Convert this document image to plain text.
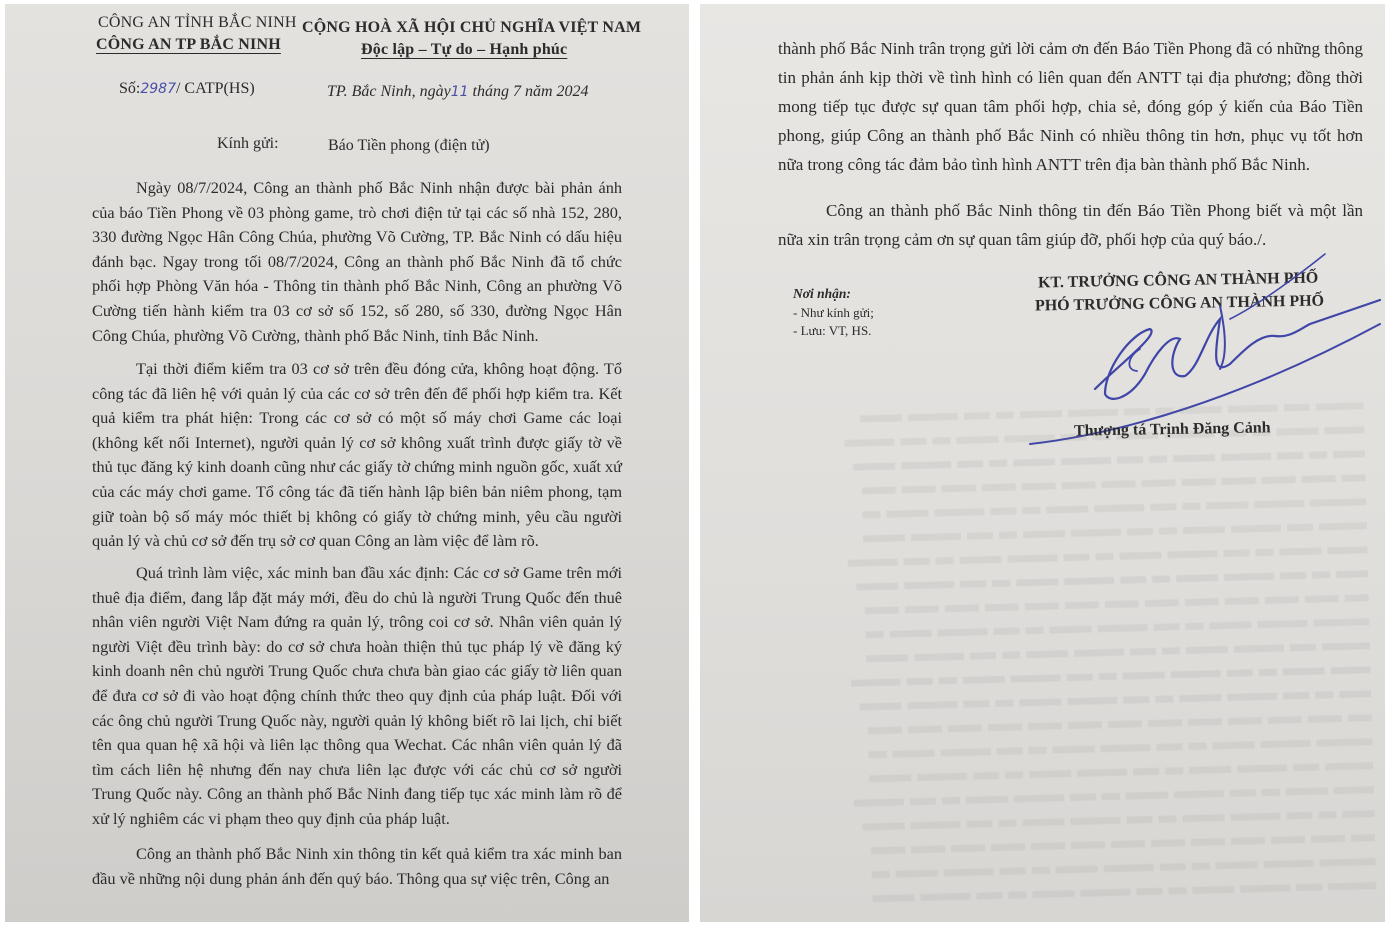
CÔNG AN TỈNH BẮC NINH
CÔNG AN TP BẮC NINH
CỘNG HOÀ XÃ HỘI CHỦ NGHĨA VIỆT NAM
Độc lập – Tự do – Hạnh phúc
Số:2987/ CATP(HS)	TP. Bắc Ninh, ngày11 tháng 7 năm 2024
Kính gửi:	Báo Tiền phong (điện tử)

Ngày 08/7/2024, Công an thành phố Bắc Ninh nhận được bài phản ánh của báo Tiền Phong về 03 phòng game, trò chơi điện tử tại các số nhà 152, 280, 330 đường Ngọc Hân Công Chúa, phường Võ Cường, TP. Bắc Ninh có dấu hiệu đánh bạc. Ngay trong tối 08/7/2024, Công an thành phố Bắc Ninh đã tổ chức phối hợp Phòng Văn hóa - Thông tin thành phố Bắc Ninh, Công an phường Võ Cường tiến hành kiểm tra 03 cơ sở số 152, số 280, số 330, đường Ngọc Hân Công Chúa, phường Võ Cường, thành phố Bắc Ninh, tỉnh Bắc Ninh.

Tại thời điểm kiểm tra 03 cơ sở trên đều đóng cửa, không hoạt động. Tổ công tác đã liên hệ với quản lý của các cơ sở trên đến để phối hợp kiểm tra. Kết quả kiểm tra phát hiện: Trong các cơ sở có một số máy chơi Game các loại (không kết nối Internet), người quản lý cơ sở không xuất trình được giấy tờ về thủ tục đăng ký kinh doanh cũng như các giấy tờ chứng minh nguồn gốc, xuất xứ của các máy chơi game. Tổ công tác đã tiến hành lập biên bản niêm phong, tạm giữ toàn bộ số máy móc thiết bị không có giấy tờ chứng minh, yêu cầu người quản lý và chủ cơ sở đến trụ sở cơ quan Công an làm việc để làm rõ.

Quá trình làm việc, xác minh ban đầu xác định: Các cơ sở Game trên mới thuê địa điểm, đang lắp đặt máy mới, đều do chủ là người Trung Quốc đến thuê nhân viên người Việt Nam đứng ra quản lý, trông coi cơ sở. Nhân viên quản lý người Việt đều trình bày: do cơ sở chưa hoàn thiện thủ tục pháp lý về đăng ký kinh doanh nên chủ người Trung Quốc chưa chưa bàn giao các giấy tờ liên quan để đưa cơ sở đi vào hoạt động chính thức theo quy định của pháp luật. Đối với các ông chủ người Trung Quốc này, người quản lý không biết rõ lai lịch, chỉ biết tên qua quan hệ xã hội và liên lạc thông qua Wechat. Các nhân viên quản lý đã tìm cách liên hệ nhưng đến nay chưa liên lạc được với các chủ cơ sở người Trung Quốc này. Công an thành phố Bắc Ninh đang tiếp tục xác minh làm rõ để xử lý nghiêm các vi phạm theo quy định của pháp luật.

Công an thành phố Bắc Ninh xin thông tin kết quả kiểm tra xác minh ban đầu về những nội dung phản ánh đến quý báo. Thông qua sự việc trên, Công an

thành phố Bắc Ninh trân trọng gửi lời cảm ơn đến Báo Tiền Phong đã có những thông tin phản ánh kịp thời về tình hình có liên quan đến ANTT tại địa phương; đồng thời mong tiếp tục được sự quan tâm phối hợp, chia sẻ, đóng góp ý kiến của Báo Tiền phong, giúp Công an thành phố Bắc Ninh có nhiều thông tin hơn, phục vụ tốt hơn nữa trong công tác đảm bảo tình hình ANTT trên địa bàn thành phố Bắc Ninh.

Công an thành phố Bắc Ninh thông tin đến Báo Tiền Phong biết và một lần nữa xin trân trọng cảm ơn sự quan tâm giúp đỡ, phối hợp của quý báo./.

Nơi nhận:
- Như kính gửi;
- Lưu: VT, HS.
KT. TRƯỞNG CÔNG AN THÀNH PHỐ
PHÓ TRƯỞNG CÔNG AN THÀNH PHỐ
